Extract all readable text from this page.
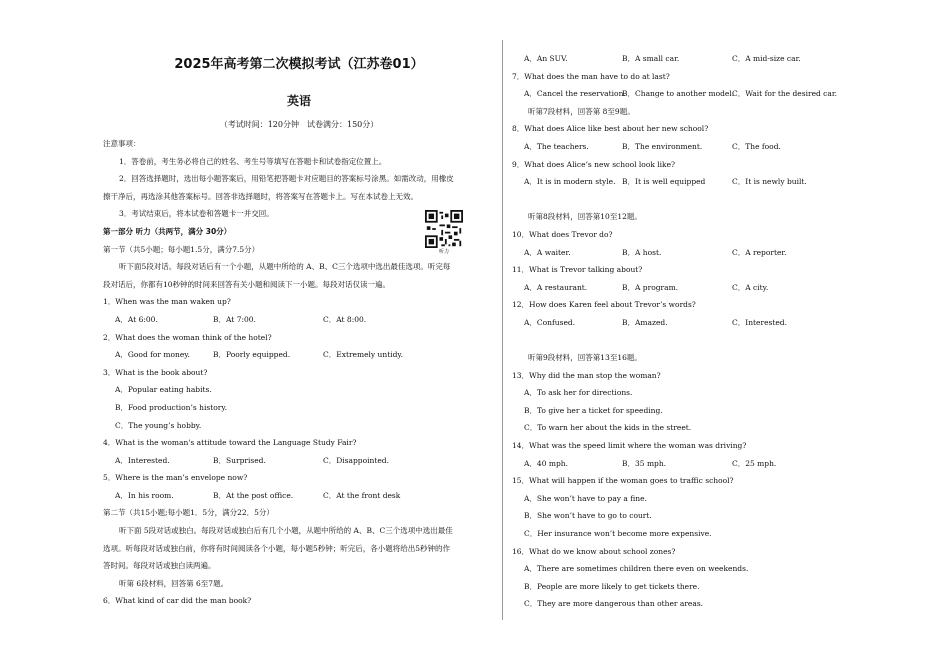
2025年高考第二次模拟考试（江苏卷01）
英语
（考试时间：120分钟　试卷满分：150分）
注意事项：
1．答卷前，考生务必将自己的姓名、考生号等填写在答题卡和试卷指定位置上。
2．回答选择题时，选出每小题答案后，用铅笔把答题卡对应题目的答案标号涂黑。如需改动，用橡皮
擦干净后，再选涂其他答案标号。回答非选择题时，将答案写在答题卡上。写在本试卷上无效。
3．考试结束后，将本试卷和答题卡一并交回。
第一部分 听力（共两节，满分 30分）
第一节（共5小题；每小题1.5分，满分7.5分）
听下面5段对话。每段对话后有一个小题，从题中所给的 A、B、C三个选项中选出最佳选项。听完每
段对话后，你都有10秒钟的时间来回答有关小题和阅读下一小题。每段对话仅读一遍。
1．When was the man waken up?
A．At 6:00.	B．At 7:00.	C．At 8:00.
2．What does the woman think of the hotel?
A．Good for money.	B．Poorly equipped.	C．Extremely untidy.
3．What is the book about?
A．Popular eating habits.
B．Food production’s history.
C．The young’s hobby.
4．What is the woman's attitude toward the Language Study Fair?
A．Interested.	B．Surprised.	C．Disappointed.
5．Where is the man’s envelope now?
A．In his room.	B．At the post office.	C．At the front desk
第二节（共15小题;每小题1．5分，满分22．5分）
听下面 5段对话或独白。每段对话或独白后有几个小题，从题中所给的 A、B、C三个选项中选出最佳
选项。听每段对话或独白前，你将有时间阅读各个小题，每小题5秒钟；听完后，各小题将给出5秒钟的作
答时间。每段对话或独白读两遍。
听第 6段材料，回答第 6至7题。
6．What kind of car did the man book?
听力
A．An SUV.	B．A small car.	C．A mid-size car.
7．What does the man have to do at last?
A．Cancel the reservation.
B．Change to another model.
C．Wait for the desired car.
听第7段材料，回答第 8至9题。
8．What does Alice like best about her new school?
A．The teachers.	B．The environment.	C．The food.
9．What does Alice’s new school look like?
A．It is in modern style. B．It is well equipped	C．It is newly built.
听第8段材料，回答第10至12题。
10．What does Trevor do?
A．A waiter.	B．A host.	C．A reporter.
11．What is Trevor talking about?
A．A restaurant.	B．A program.	C．A city.
12．How does Karen feel about Trevor’s words?
A．Confused.	B．Amazed.	C．Interested.
听第9段材料，回答第13至16题。
13．Why did the man stop the woman?
A．To ask her for directions.
B．To give her a ticket for speeding.
C．To warn her about the kids in the street.
14．What was the speed limit where the woman was driving?
A．40 mph.	B．35 mph.	C．25 mph.
15．What will happen if the woman goes to traffic school?
A．She won’t have to pay a fine.
B．She won’t have to go to court.
C．Her insurance won’t become more expensive.
16．What do we know about school zones?
A．There are sometimes children there even on weekends.
B．People are more likely to get tickets there.
C．They are more dangerous than other areas.
